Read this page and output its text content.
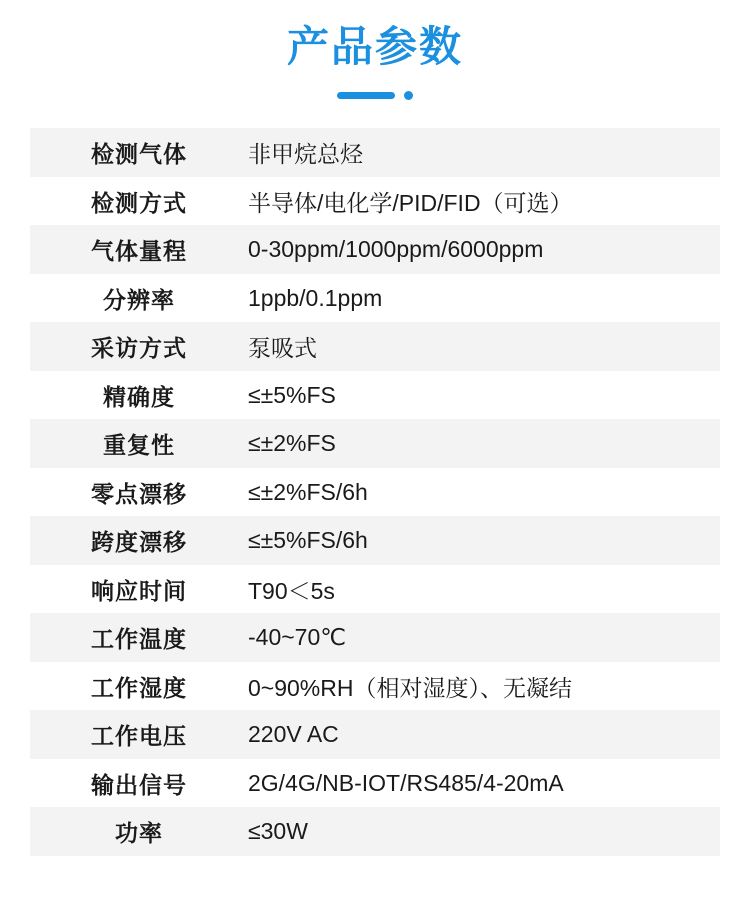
产品参数
检测气体	非甲烷总烃
检测方式	半导体/电化学/PID/FID（可选）
气体量程	0-30ppm/1000ppm/6000ppm
分辨率	1ppb/0.1ppm
采访方式	泵吸式
精确度	≤±5%FS
重复性	≤±2%FS
零点漂移	≤±2%FS/6h
跨度漂移	≤±5%FS/6h
响应时间	T90＜5s
工作温度	-40~70℃
工作湿度	0~90%RH（相对湿度）、无凝结
工作电压	220V AC
输出信号	2G/4G/NB-IOT/RS485/4-20mA
功率	≤30W
